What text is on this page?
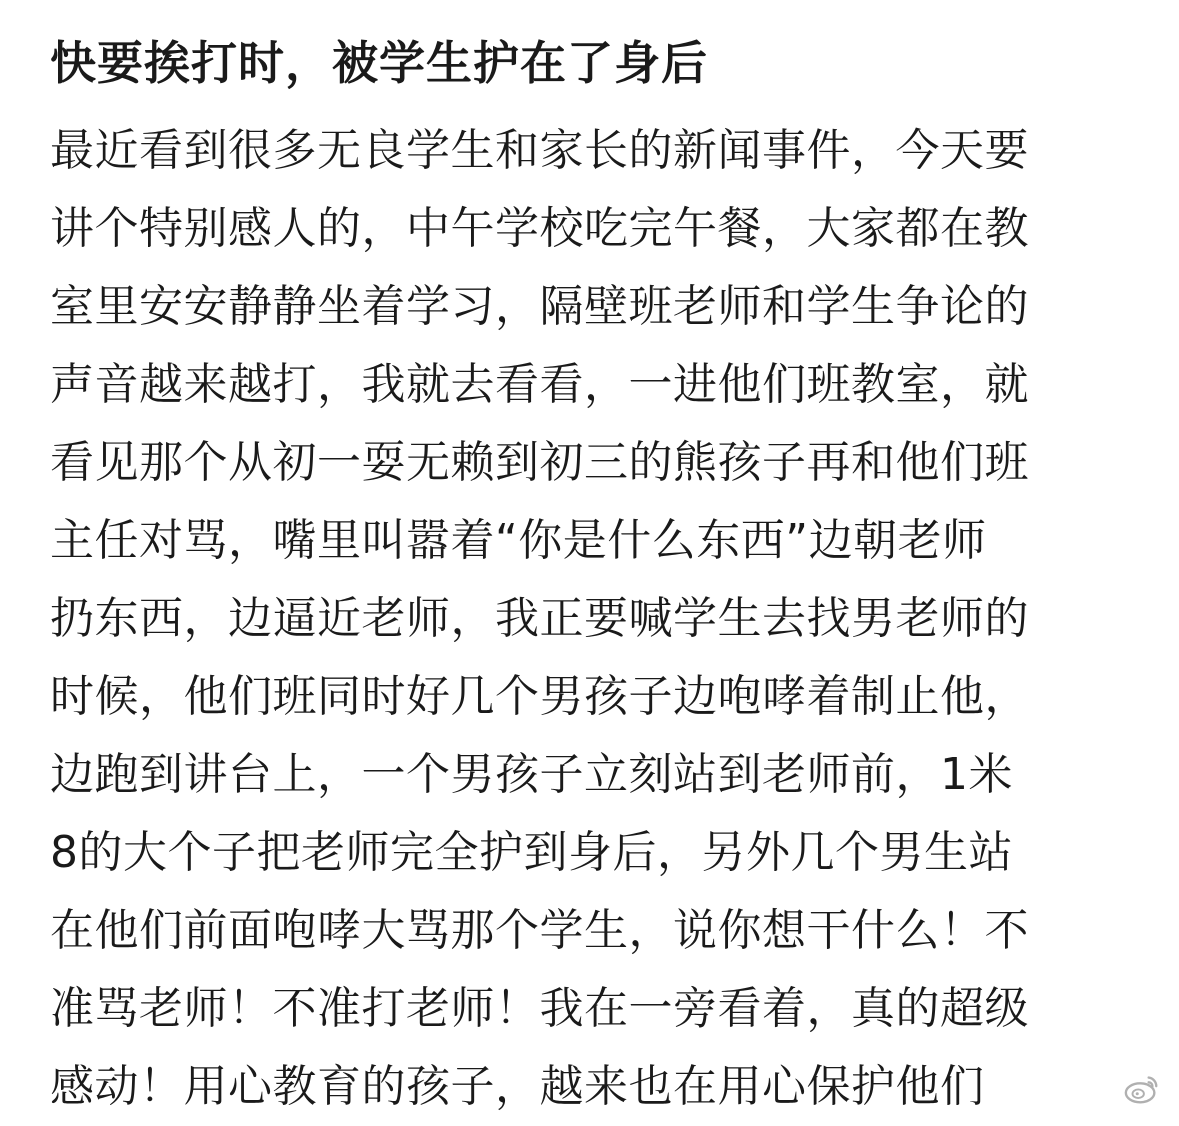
快要挨打时，被学生护在了身后
最近看到很多无良学生和家长的新闻事件，今天要
讲个特别感人的，中午学校吃完午餐，大家都在教
室里安安静静坐着学习，隔壁班老师和学生争论的
声音越来越打，我就去看看，一进他们班教室，就
看见那个从初一耍无赖到初三的熊孩子再和他们班
主任对骂，嘴里叫嚣着“你是什么东西”边朝老师
扔东西，边逼近老师，我正要喊学生去找男老师的
时候，他们班同时好几个男孩子边咆哮着制止他，
边跑到讲台上，一个男孩子立刻站到老师前，1米
8的大个子把老师完全护到身后，另外几个男生站
在他们前面咆哮大骂那个学生，说你想干什么！不
准骂老师！不准打老师！我在一旁看着，真的超级
感动！用心教育的孩子，越来也在用心保护他们
